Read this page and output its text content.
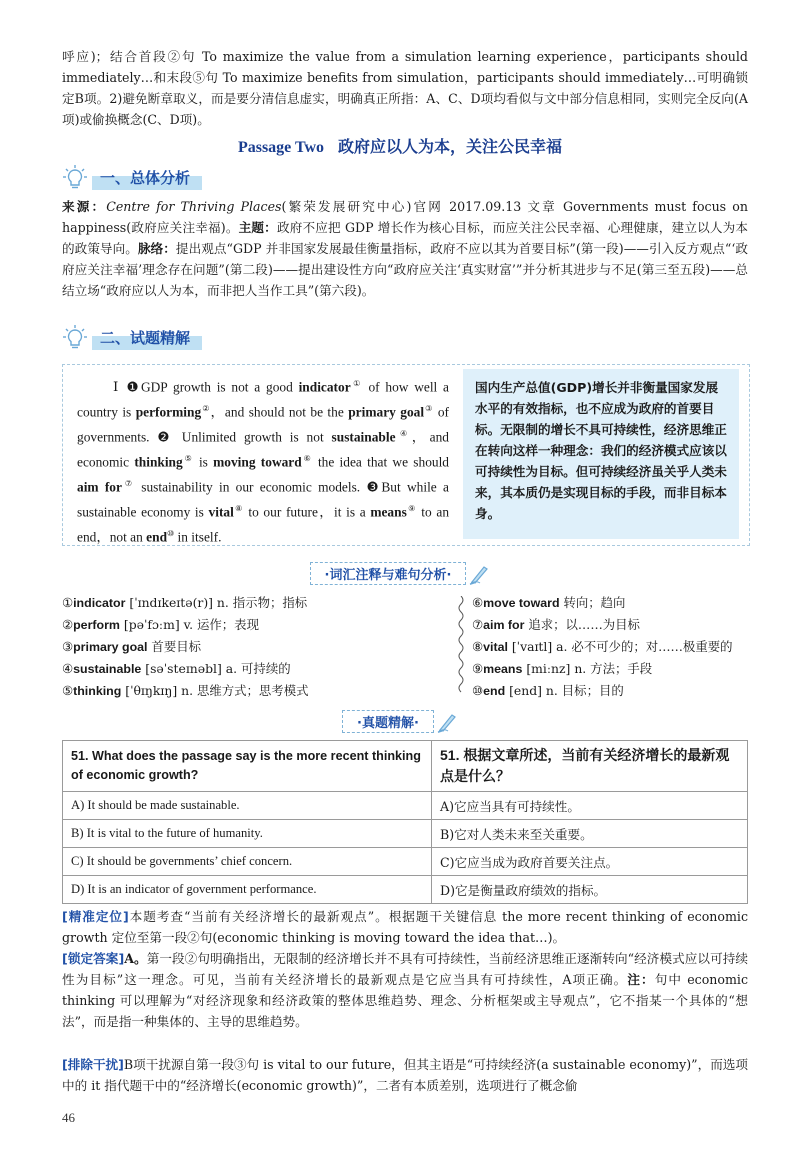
呼应)；结合首段②句 To maximize the value from a simulation learning experience，participants should immediately…和末段⑤句 To maximize benefits from simulation，participants should immediately…可明确锁定B项。2)避免断章取义，而是要分清信息虚实，明确真正所指：A、C、D项均看似与文中部分信息相同，实则完全反向(A项)或偷换概念(C、D项)。
Passage Two 政府应以人为本，关注公民幸福
一、总体分析
来源：Centre for Thriving Places(繁荣发展研究中心)官网 2017.09.13 文章 Governments must focus on happiness(政府应关注幸福)。主题：政府不应把 GDP 增长作为核心目标，而应关注公民幸福、心理健康，建立以人为本的政策导向。脉络：提出观点“GDP 并非国家发展最佳衡量指标，政府不应以其为首要目标”(第一段)——引入反方观点“‘政府应关注幸福’理念存在问题”(第二段)——提出建设性方向“政府应关注‘真实财富’”并分析其进步与不足(第三至五段)——总结立场“政府应以人为本，而非把人当作工具”(第六段)。
二、试题精解
Ⅰ ❶GDP growth is not a good indicator① of how well a country is performing②，and should not be the primary goal③ of governments. ❷ Unlimited growth is not sustainable④，and economic thinking⑤ is moving toward⑥ the idea that we should aim for⑦ sustainability in our economic models. ❸But while a sustainable economy is vital⑧ to our future，it is a means⑨ to an end，not an end⑩ in itself.
国内生产总值(GDP)增长并非衡量国家发展水平的有效指标，也不应成为政府的首要目标。无限制的增长不具可持续性，经济思维正在转向这样一种理念：我们的经济模式应该以可持续性为目标。但可持续经济虽关乎人类未来，其本质仍是实现目标的手段，而非目标本身。
·词汇注释与难句分析·
①indicator [ˈɪndɪkeɪtə(r)] n. 指示物；指标
②perform [pəˈfɔːm] v. 运作；表现
③primary goal 首要目标
④sustainable [səˈsteɪnəbl] a. 可持续的
⑤thinking [ˈθɪŋkɪŋ] n. 思维方式；思考模式
⑥move toward 转向；趋向
⑦aim for 追求；以……为目标
⑧vital [ˈvaɪtl] a. 必不可少的；对……极重要的
⑨means [miːnz] n. 方法；手段
⑩end [end] n. 目标；目的
·真题精解·
51. What does the passage say is the more recent thinking of economic growth?	51. 根据文章所述，当前有关经济增长的最新观点是什么？
A) It should be made sustainable.	A)它应当具有可持续性。
B) It is vital to the future of humanity.	B)它对人类未来至关重要。
C) It should be governments’ chief concern.	C)它应当成为政府首要关注点。
D) It is an indicator of government performance.	D)它是衡量政府绩效的指标。
[精准定位]本题考查“当前有关经济增长的最新观点”。根据题干关键信息 the more recent thinking of economic growth 定位至第一段②句(economic thinking is moving toward the idea that…)。
[锁定答案]A。第一段②句明确指出，无限制的经济增长并不具有可持续性，当前经济思维正逐渐转向“经济模式应以可持续性为目标”这一理念。可见，当前有关经济增长的最新观点是它应当具有可持续性，A项正确。注：句中 economic thinking 可以理解为“对经济现象和经济政策的整体思维趋势、理念、分析框架或主导观点”，它不指某一个具体的“想法”，而是指一种集体的、主导的思维趋势。
[排除干扰]B项干扰源自第一段③句 is vital to our future，但其主语是“可持续经济(a sustainable economy)”，而选项中的 it 指代题干中的“经济增长(economic growth)”，二者有本质差别，选项进行了概念偷
46
